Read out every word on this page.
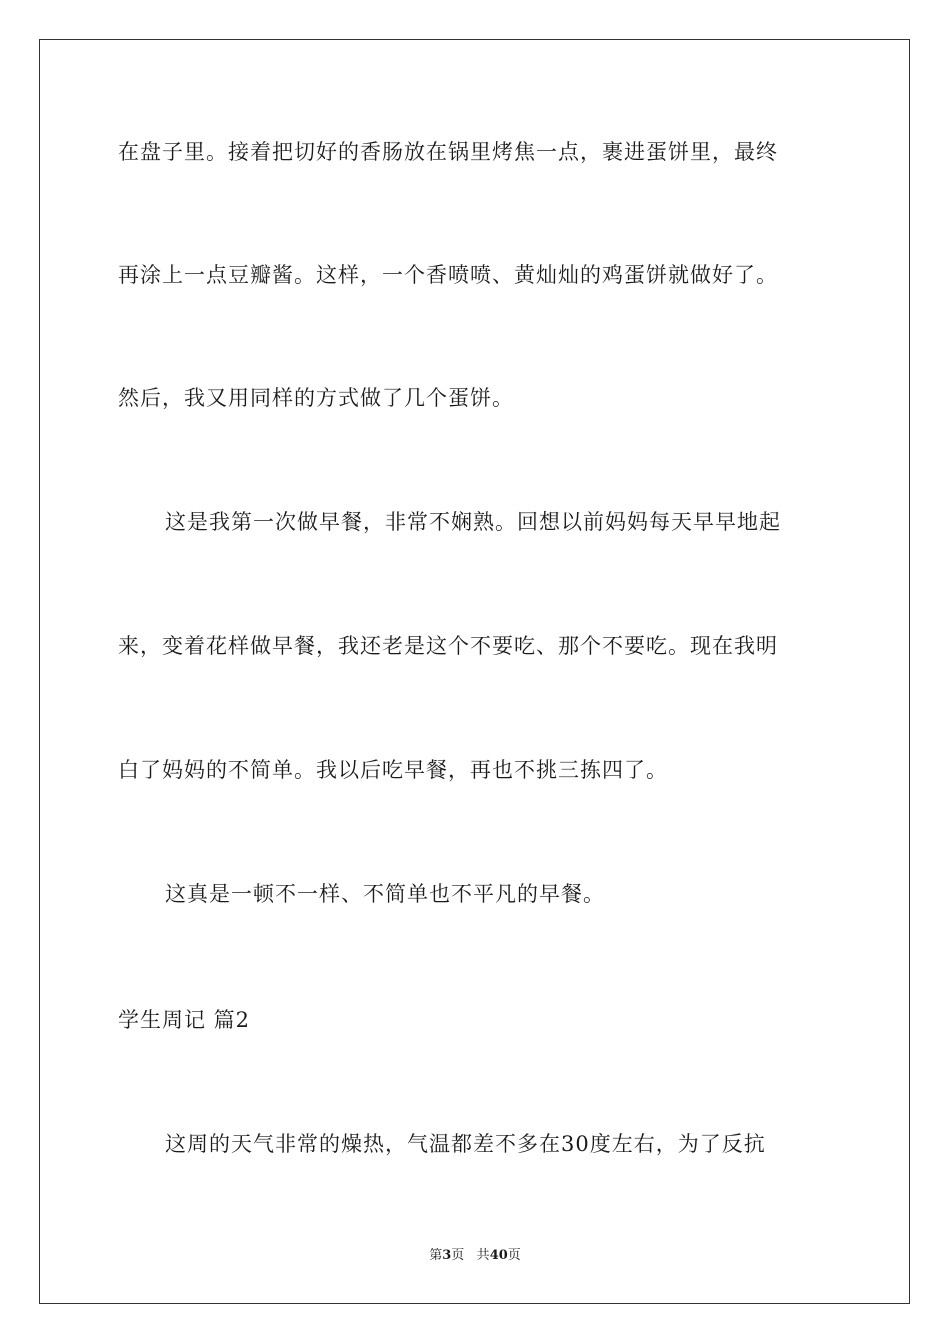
在盘子里。接着把切好的香肠放在锅里烤焦一点，裹进蛋饼里，最终
再涂上一点豆瓣酱。这样，一个香喷喷、黄灿灿的鸡蛋饼就做好了。
然后，我又用同样的方式做了几个蛋饼。
这是我第一次做早餐，非常不娴熟。回想以前妈妈每天早早地起
来，变着花样做早餐，我还老是这个不要吃、那个不要吃。现在我明
白了妈妈的不简单。我以后吃早餐，再也不挑三拣四了。
这真是一顿不一样、不简单也不平凡的早餐。
学生周记 篇2
这周的天气非常的燥热，气温都差不多在30度左右，为了反抗
第3页 共40页
